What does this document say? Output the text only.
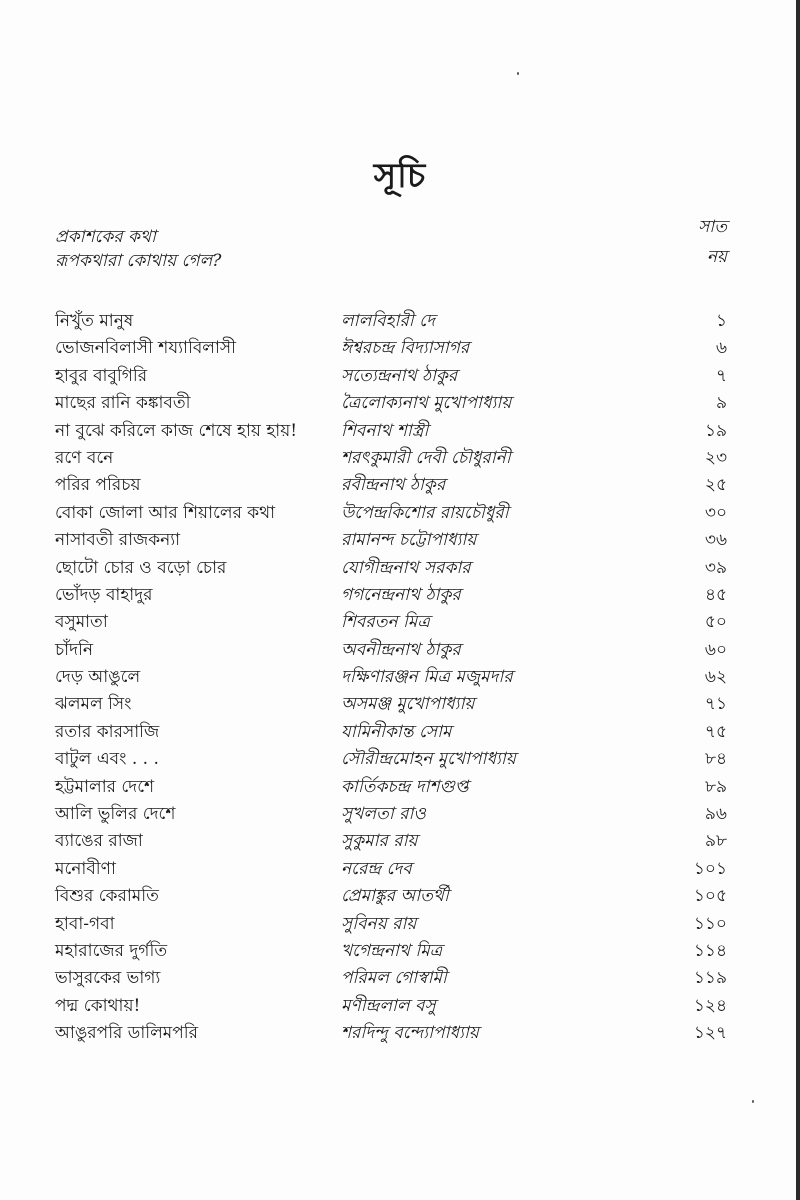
সূচি
প্রকাশকের কথা	সাত
রূপকথারা কোথায় গেল?	নয়
নিখুঁত মানুষ	লালবিহারী দে	১
ভোজনবিলাসী শয্যাবিলাসী	ঈশ্বরচন্দ্র বিদ্যাসাগর	৬
হাবুর বাবুগিরি	সত্যেন্দ্রনাথ ঠাকুর	৭
মাছের রানি কঙ্কাবতী	ত্রৈলোক্যনাথ মুখোপাধ্যায়	৯
না বুঝে করিলে কাজ শেষে হায় হায়!	শিবনাথ শাস্ত্রী	১৯
রণে বনে	শরৎকুমারী দেবী চৌধুরানী	২৩
পরির পরিচয়	রবীন্দ্রনাথ ঠাকুর	২৫
বোকা জোলা আর শিয়ালের কথা	উপেন্দ্রকিশোর রায়চৌধুরী	৩০
নাসাবতী রাজকন্যা	রামানন্দ চট্টোপাধ্যায়	৩৬
ছোটো চোর ও বড়ো চোর	যোগীন্দ্রনাথ সরকার	৩৯
ভোঁদড় বাহাদুর	গগনেন্দ্রনাথ ঠাকুর	৪৫
বসুমাতা	শিবরতন মিত্র	৫০
চাঁদনি	অবনীন্দ্রনাথ ঠাকুর	৬০
দেড় আঙুলে	দক্ষিণারঞ্জন মিত্র মজুমদার	৬২
ঝলমল সিং	অসমঞ্জ মুখোপাধ্যায়	৭১
রতার কারসাজি	যামিনীকান্ত সোম	৭৫
বাটুল এবং . . .	সৌরীন্দ্রমোহন মুখোপাধ্যায়	৮৪
হট্টমালার দেশে	কার্তিকচন্দ্র দাশগুপ্ত	৮৯
আলি ভুলির দেশে	সুখলতা রাও	৯৬
ব্যাঙের রাজা	সুকুমার রায়	৯৮
মনোবীণা	নরেন্দ্র দেব	১০১
বিশুর কেরামতি	প্রেমাঙ্কুর আতর্থী	১০৫
হাবা-গবা	সুবিনয় রায়	১১০
মহারাজের দুর্গতি	খগেন্দ্রনাথ মিত্র	১১৪
ভাসুরকের ভাগ্য	পরিমল গোস্বামী	১১৯
পদ্ম কোথায়!	মণীন্দ্রলাল বসু	১২৪
আঙুরপরি ডালিমপরি	শরদিন্দু বন্দ্যোপাধ্যায়	১২৭
